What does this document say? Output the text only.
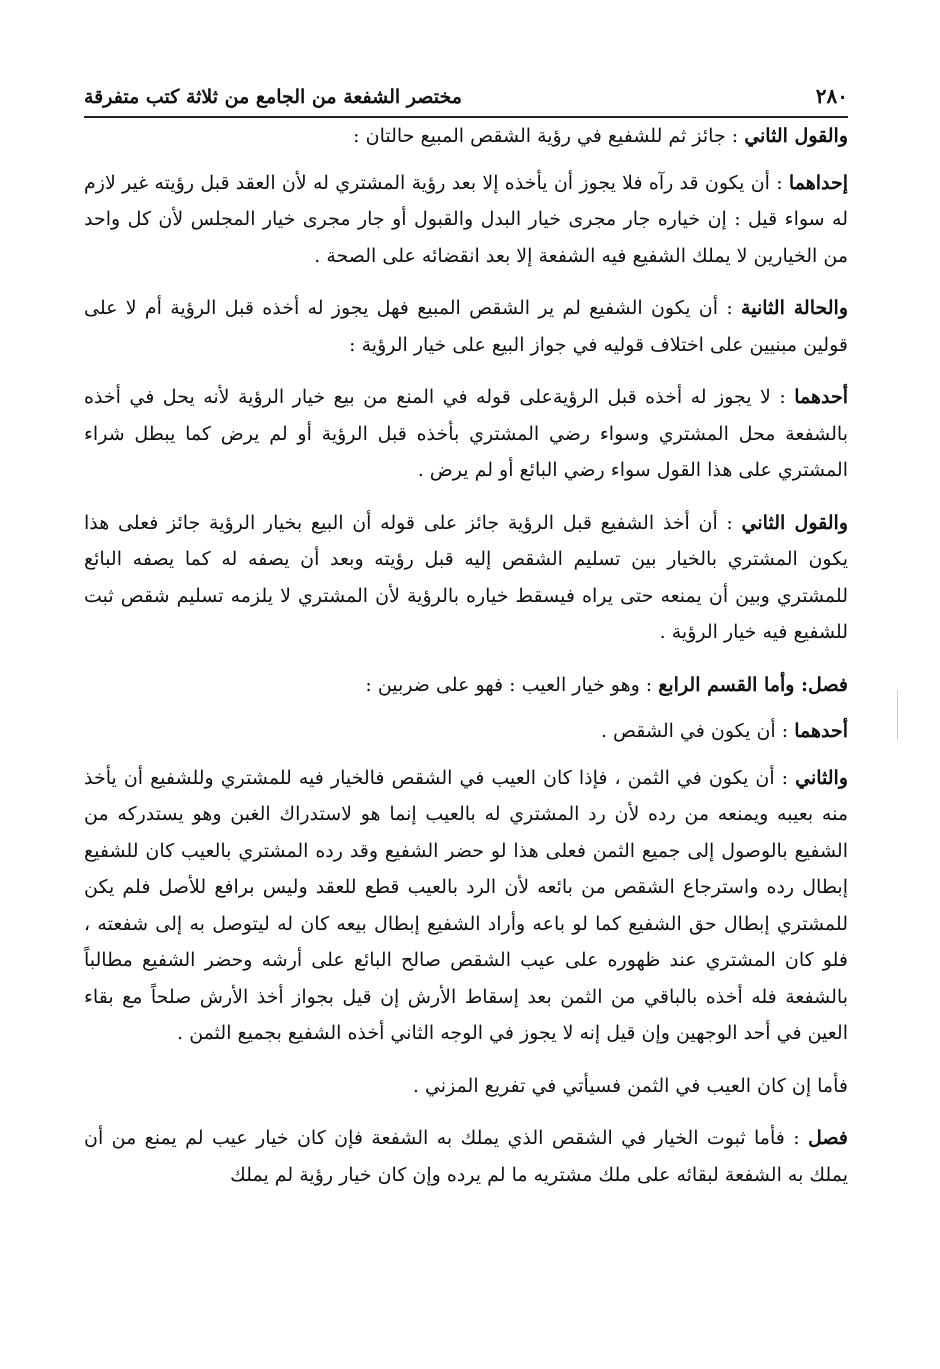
٢٨٠
مختصر الشفعة من الجامع من ثلاثة كتب متفرقة

والقول الثاني : جائز ثم للشفيع في رؤية الشقص المبيع حالتان :

إحداهما : أن يكون قد رآه فلا يجوز أن يأخذه إلا بعد رؤية المشتري له لأن العقد قبل رؤيته غير لازم له سواء قيل : إن خياره جار مجرى خيار البدل والقبول أو جار مجرى خيار المجلس لأن كل واحد من الخيارين لا يملك الشفيع فيه الشفعة إلا بعد انقضائه على الصحة .

والحالة الثانية : أن يكون الشفيع لم ير الشقص المبيع فهل يجوز له أخذه قبل الرؤية أم لا على قولين مبنيين على اختلاف قوليه في جواز البيع على خيار الرؤية :

أحدهما : لا يجوز له أخذه قبل الرؤيةعلى قوله في المنع من بيع خيار الرؤية لأنه يحل في أخذه بالشفعة محل المشتري وسواء رضي المشتري بأخذه قبل الرؤية أو لم يرض كما يبطل شراء المشتري على هذا القول سواء رضي البائع أو لم يرض .

والقول الثاني : أن أخذ الشفيع قبل الرؤية جائز على قوله أن البيع بخيار الرؤية جائز فعلى هذا يكون المشتري بالخيار بين تسليم الشقص إليه قبل رؤيته وبعد أن يصفه له كما يصفه البائع للمشتري وبين أن يمنعه حتى يراه فيسقط خياره بالرؤية لأن المشتري لا يلزمه تسليم شقص ثبت للشفيع فيه خيار الرؤية .

فصل: وأما القسم الرابع : وهو خيار العيب : فهو على ضربين :

أحدهما : أن يكون في الشقص .

والثاني : أن يكون في الثمن ، فإذا كان العيب في الشقص فالخيار فيه للمشتري وللشفيع أن يأخذ منه بعيبه ويمنعه من رده لأن رد المشتري له بالعيب إنما هو لاستدراك الغبن وهو يستدركه من الشفيع بالوصول إلى جميع الثمن فعلى هذا لو حضر الشفيع وقد رده المشتري بالعيب كان للشفيع إبطال رده واسترجاع الشقص من بائعه لأن الرد بالعيب قطع للعقد وليس برافع للأصل فلم يكن للمشتري إبطال حق الشفيع كما لو باعه وأراد الشفيع إبطال بيعه كان له ليتوصل به إلى شفعته ، فلو كان المشتري عند ظهوره على عيب الشقص صالح البائع على أرشه وحضر الشفيع مطالباً بالشفعة فله أخذه بالباقي من الثمن بعد إسقاط الأرش إن قيل بجواز أخذ الأرش صلحاً مع بقاء العين في أحد الوجهين وإن قيل إنه لا يجوز في الوجه الثاني أخذه الشفيع بجميع الثمن .

فأما إن كان العيب في الثمن فسيأتي في تفريع المزني .

فصل : فأما ثبوت الخيار في الشقص الذي يملك به الشفعة فإن كان خيار عيب لم يمنع من أن يملك به الشفعة لبقائه على ملك مشتريه ما لم يرده وإن كان خيار رؤية لم يملك
